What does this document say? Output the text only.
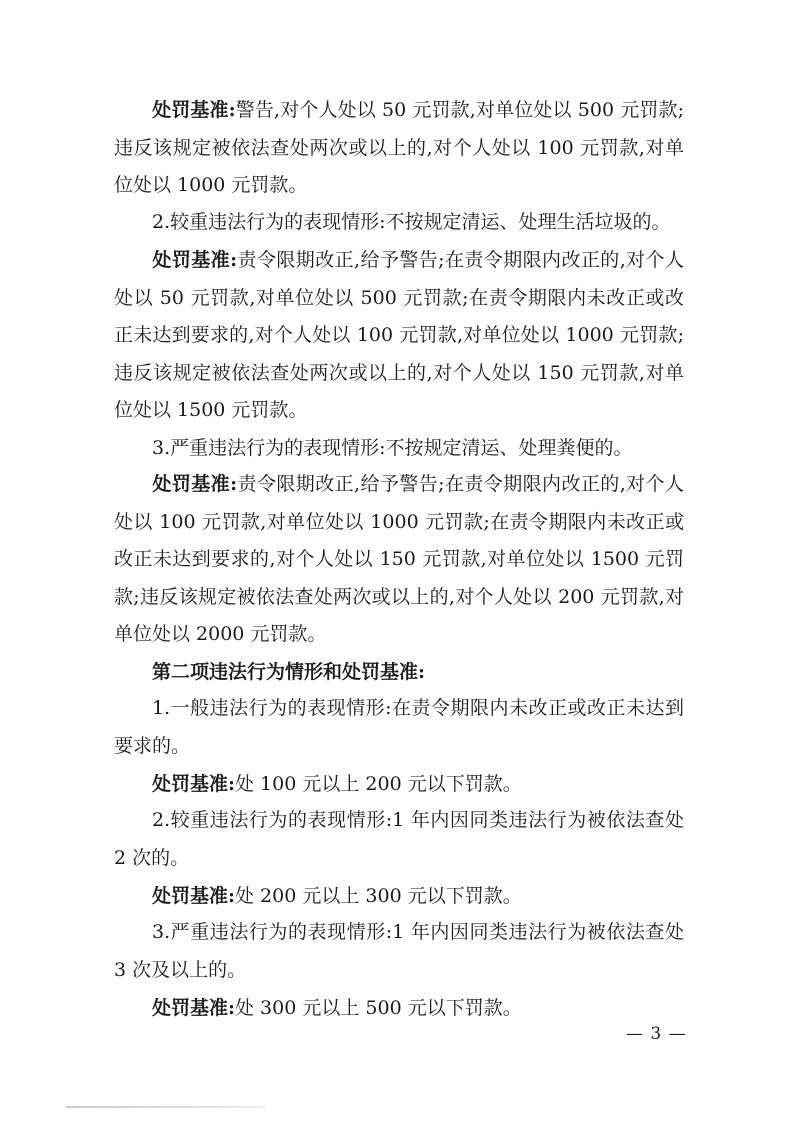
处罚基准:警告,对个人处以 50 元罚款,对单位处以 500 元罚款;违反该规定被依法查处两次或以上的,对个人处以 100 元罚款,对单位处以 1000 元罚款。

2.较重违法行为的表现情形:不按规定清运、处理生活垃圾的。

处罚基准:责令限期改正,给予警告;在责令期限内改正的,对个人处以 50 元罚款,对单位处以 500 元罚款;在责令期限内未改正或改正未达到要求的,对个人处以 100 元罚款,对单位处以 1000 元罚款;违反该规定被依法查处两次或以上的,对个人处以 150 元罚款,对单位处以 1500 元罚款。

3.严重违法行为的表现情形:不按规定清运、处理粪便的。

处罚基准:责令限期改正,给予警告;在责令期限内改正的,对个人处以 100 元罚款,对单位处以 1000 元罚款;在责令期限内未改正或改正未达到要求的,对个人处以 150 元罚款,对单位处以 1500 元罚款;违反该规定被依法查处两次或以上的,对个人处以 200 元罚款,对单位处以 2000 元罚款。

第二项违法行为情形和处罚基准:

1.一般违法行为的表现情形:在责令期限内未改正或改正未达到要求的。

处罚基准:处 100 元以上 200 元以下罚款。

2.较重违法行为的表现情形:1 年内因同类违法行为被依法查处 2 次的。

处罚基准:处 200 元以上 300 元以下罚款。

3.严重违法行为的表现情形:1 年内因同类违法行为被依法查处 3 次及以上的。

处罚基准:处 300 元以上 500 元以下罚款。

— 3 —
